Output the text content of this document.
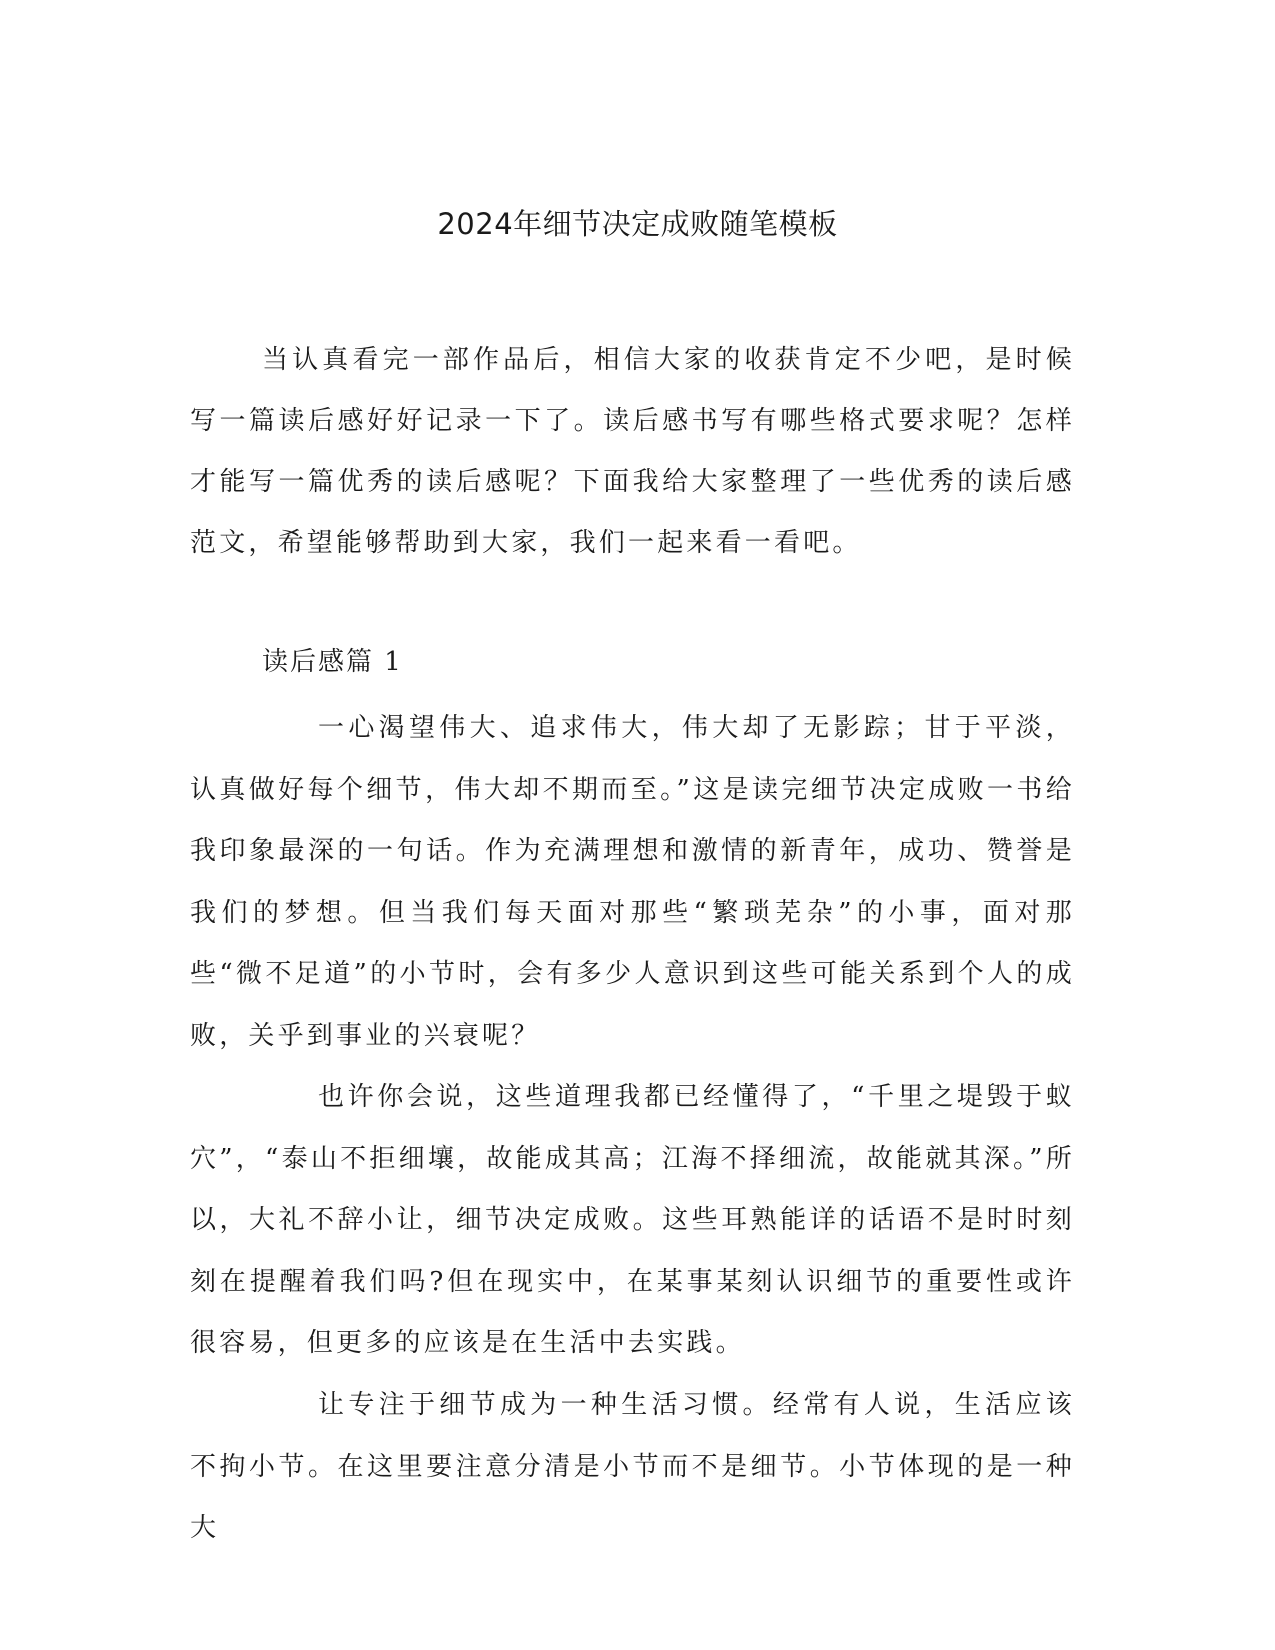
2024年细节决定成败随笔模板

当认真看完一部作品后，相信大家的收获肯定不少吧，是时候写一篇读后感好好记录一下了。读后感书写有哪些格式要求呢？怎样才能写一篇优秀的读后感呢？下面我给大家整理了一些优秀的读后感范文，希望能够帮助到大家，我们一起来看一看吧。

读后感篇 1

一心渴望伟大、追求伟大，伟大却了无影踪；甘于平淡，认真做好每个细节，伟大却不期而至。”这是读完细节决定成败一书给我印象最深的一句话。作为充满理想和激情的新青年，成功、赞誉是我们的梦想。但当我们每天面对那些“繁琐芜杂”的小事，面对那些“微不足道”的小节时，会有多少人意识到这些可能关系到个人的成败，关乎到事业的兴衰呢？

也许你会说，这些道理我都已经懂得了，“千里之堤毁于蚁穴”，“泰山不拒细壤，故能成其高；江海不择细流，故能就其深。”所以，大礼不辞小让，细节决定成败。这些耳熟能详的话语不是时时刻刻在提醒着我们吗?但在现实中，在某事某刻认识细节的重要性或许很容易，但更多的应该是在生活中去实践。

让专注于细节成为一种生活习惯。经常有人说，生活应该不拘小节。在这里要注意分清是小节而不是细节。小节体现的是一种大
